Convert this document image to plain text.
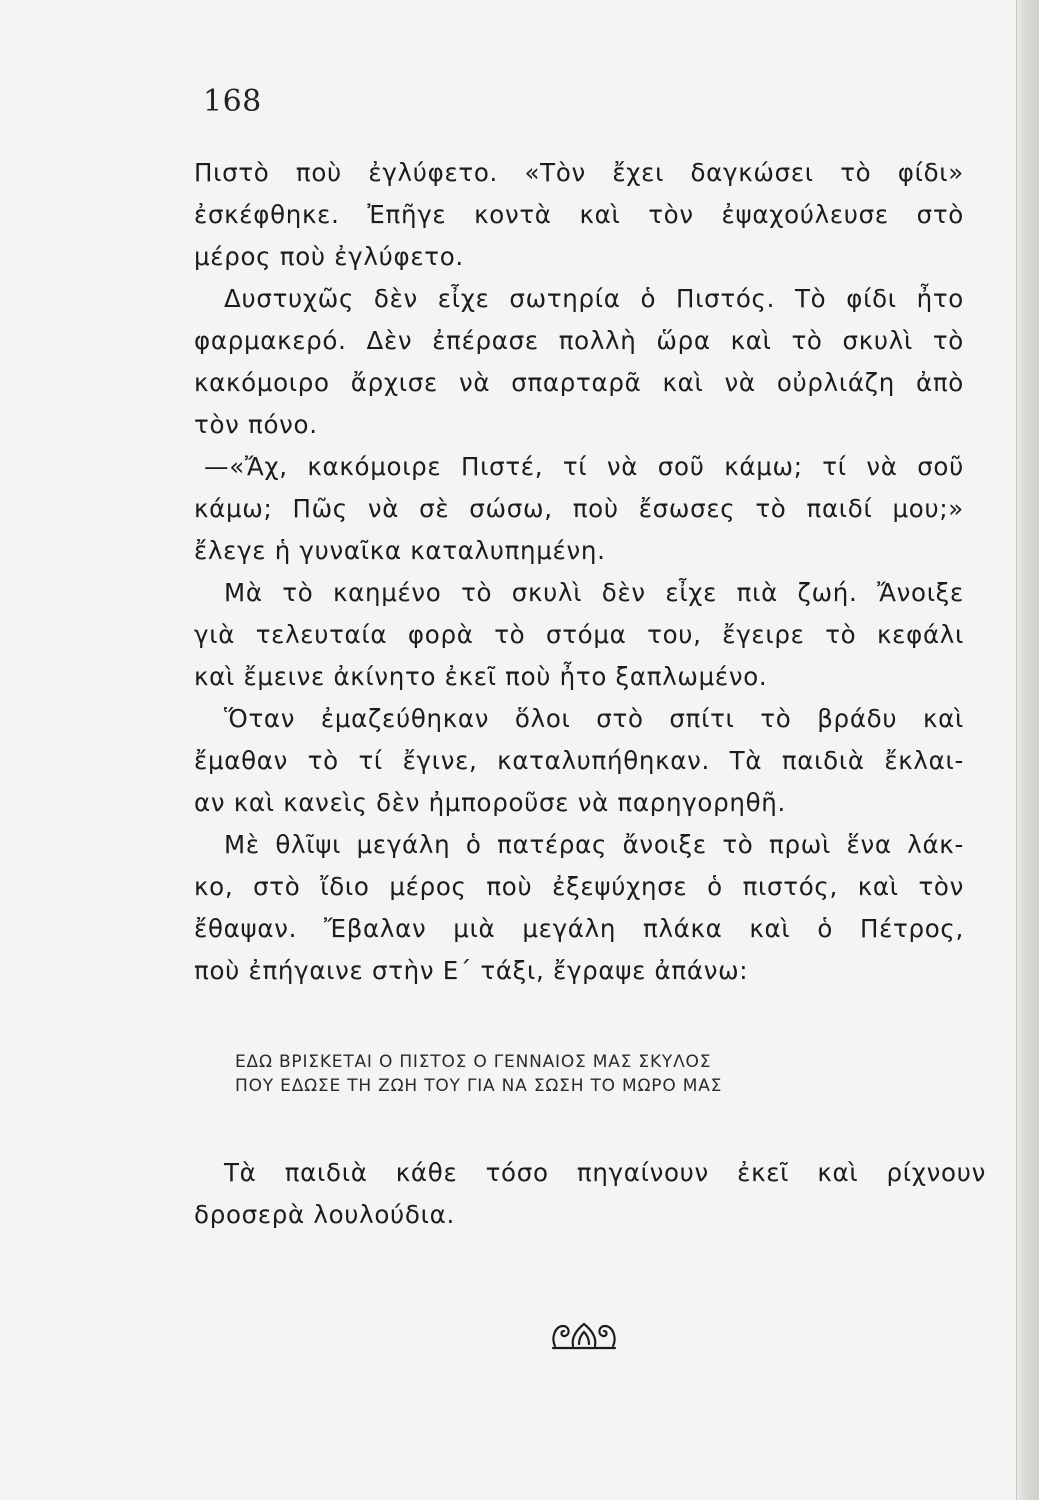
168
Πιστὸ ποὺ ἐγλύφετο. «Τὸν ἔχει δαγκώσει τὸ φίδι»
ἐσκέφθηκε. Ἐπῆγε κοντὰ καὶ τὸν ἐψαχούλευσε στὸ
μέρος ποὺ ἐγλύφετο.
Δυστυχῶς δὲν εἶχε σωτηρία ὁ Πιστός. Τὸ φίδι ἦτο
φαρμακερό. Δὲν ἐπέρασε πολλὴ ὥρα καὶ τὸ σκυλὶ τὸ
κακόμοιρο ἄρχισε νὰ σπαρταρᾶ καὶ νὰ οὐρλιάζη ἀπὸ
τὸν πόνο.
—«Ἄχ, κακόμοιρε Πιστέ, τί νὰ σοῦ κάμω; τί νὰ σοῦ
κάμω; Πῶς νὰ σὲ σώσω, ποὺ ἔσωσες τὸ παιδί μου;»
ἔλεγε ἡ γυναῖκα καταλυπημένη.
Μὰ τὸ καημένο τὸ σκυλὶ δὲν εἶχε πιὰ ζωή. Ἄνοιξε
γιὰ τελευταία φορὰ τὸ στόμα του, ἔγειρε τὸ κεφάλι
καὶ ἔμεινε ἀκίνητο ἐκεῖ ποὺ ἦτο ξαπλωμένο.
Ὅταν ἐμαζεύθηκαν ὅλοι στὸ σπίτι τὸ βράδυ καὶ
ἔμαθαν τὸ τί ἔγινε, καταλυπήθηκαν. Τὰ παιδιὰ ἔκλαι-
αν καὶ κανεὶς δὲν ἠμποροῦσε νὰ παρηγορηθῆ.
Μὲ θλῖψι μεγάλη ὁ πατέρας ἄνοιξε τὸ πρωὶ ἕνα λάκ-
κο, στὸ ἴδιο μέρος ποὺ ἐξεψύχησε ὁ πιστός, καὶ τὸν
ἔθαψαν. Ἔβαλαν μιὰ μεγάλη πλάκα καὶ ὁ Πέτρος,
ποὺ ἐπήγαινε στὴν Ε΄ τάξι, ἔγραψε ἀπάνω:
ΕΔΩ ΒΡΙΣΚΕΤΑΙ Ο ΠΙΣΤΟΣ Ο ΓΕΝΝΑΙΟΣ ΜΑΣ ΣΚΥΛΟΣ
ΠΟΥ ΕΔΩΣΕ ΤΗ ΖΩΗ ΤΟΥ ΓΙΑ ΝΑ ΣΩΣΗ ΤΟ ΜΩΡΟ ΜΑΣ
Τὰ παιδιὰ κάθε τόσο πηγαίνουν ἐκεῖ καὶ ρίχνουν
δροσερὰ λουλούδια.
